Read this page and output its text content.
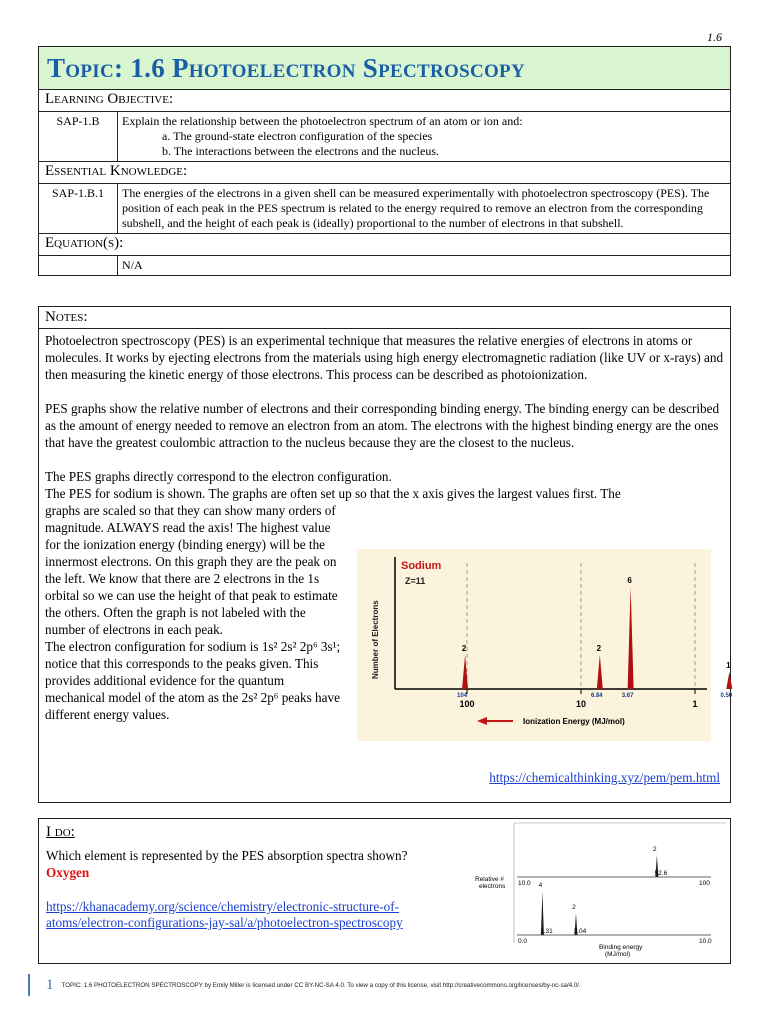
1.6
Topic: 1.6 Photoelectron Spectroscopy	

Learning Objective:	
SAP-1.B	Explain the relationship between the photoelectron spectrum of an atom or ion and:
a. The ground-state electron configuration of the species
b. The interactions between the electrons and the nucleus.

Essential Knowledge:	
SAP-1.B.1	The energies of the electrons in a given shell can be measured experimentally with photoelectron spectroscopy (PES). The position of each peak in the PES spectrum is related to the energy required to remove an electron from the corresponding subshell, and the height of each peak is (ideally) proportional to the number of electrons in that subshell.
Equation(s):	
	N/A
Notes:

Photoelectron spectroscopy (PES) is an experimental technique that measures the relative energies of electrons in atoms or molecules. It works by ejecting electrons from the materials using high energy electromagnetic radiation (like UV or x-rays) and then measuring the kinetic energy of those electrons. This process can be described as photoionization.

PES graphs show the relative number of electrons and their corresponding binding energy. The binding energy can be described as the amount of energy needed to remove an electron from an atom. The electrons with the highest binding energy are the ones that have the greatest coulombic attraction to the nucleus because they are the closest to the nucleus.

The PES graphs directly correspond to the electron configuration.

The PES for sodium is shown. The graphs are often set up so that the x axis gives the largest values first. The

graphs are scaled so that they can show many orders of magnitude. ALWAYS read the axis! The highest value for the ionization energy (binding energy) will be the innermost electrons. On this graph they are the peak on the left. We know that there are 2 electrons in the 1s orbital so we can use the height of that peak to estimate the others. Often the graph is not labeled with the number of electrons in each peak.

The electron configuration for sodium is 1s² 2s² 2p⁶ 3s¹; notice that this corresponds to the peaks given. This provides additional evidence for the quantum mechanical model of the atom as the 2s² 2p⁶ peaks have different energy values.

Sodium
Z=11
Number of Electrons
100	10	1
2
104
2
6.84
6
3.67
1
0.50
Ionization Energy (MJ/mol)
https://chemicalthinking.xyz/pem/pem.html
I do:
Which element is represented by the PES absorption spectra shown?
Oxygen
https://khanacademy.org/science/chemistry/electronic-structure-of-atoms/electron-configurations-jay-sal/a/photoelectron-spectroscopy
Relative #
electrons 10.0	100
2
52.6
0.0	10.0
4
1.31
2
3.04
Binding energy
(MJ/mol)
1 TOPIC: 1.6 PHOTOELECTRON SPECTROSCOPY by Emily Miller is licensed under CC BY-NC-SA 4.0. To view a copy of this license, visit http://creativecommons.org/licenses/by-nc-sa/4.0/.
